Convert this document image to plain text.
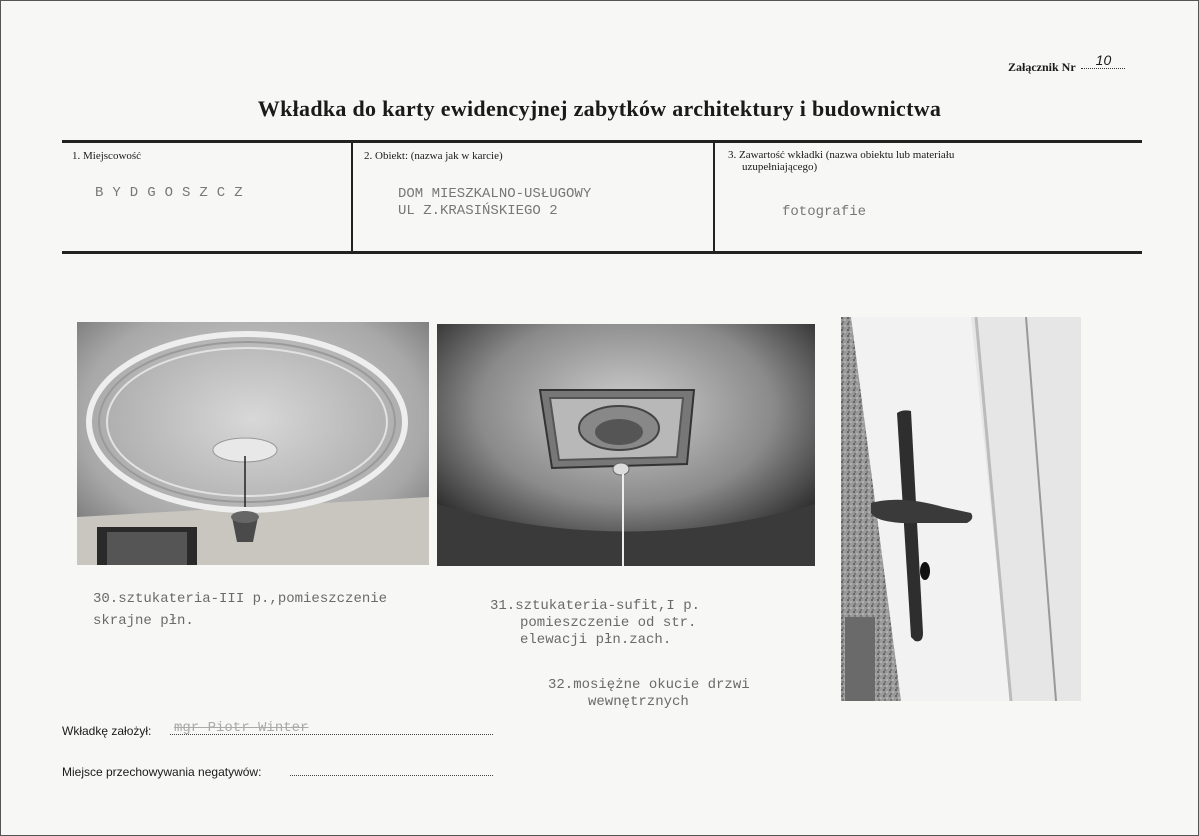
Załącznik Nr 10
Wkładka do karty ewidencyjnej zabytków architektury i budownictwa
1. Miejscowość
BYDGOSZCZ
2. Obiekt: (nazwa jak w karcie)
DOM MIESZKALNO-USŁUGOWY
UL Z.KRASIŃSKIEGO 2
3. Zawartość wkładki (nazwa obiektu lub materiału
uzupełniającego)
fotografie
30.sztukateria-III p.,pomieszczenie
skrajne płn.
31.sztukateria-sufit,I p.
pomieszczenie od str.
elewacji płn.zach.
32.mosiężne okucie drzwi
wewnętrznych
Wkładkę założył: mgr Piotr Winter
Miejsce przechowywania negatywów:
